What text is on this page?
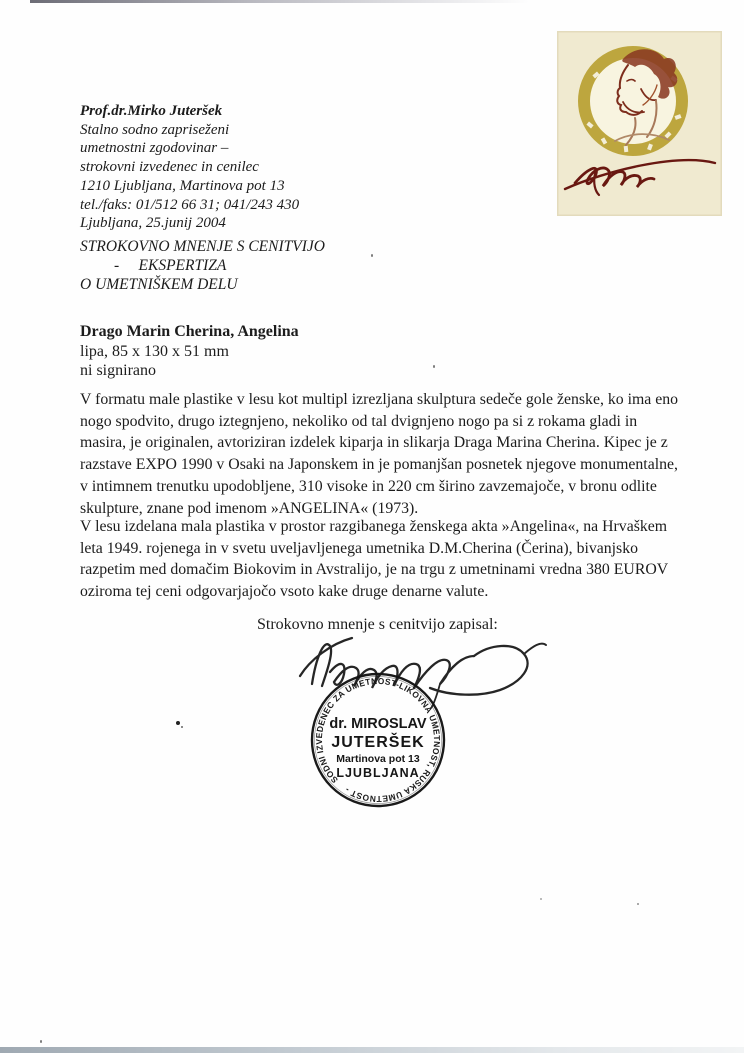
Prof.dr.Mirko Juteršek
Stalno sodno zapriseženi
umetnostni zgodovinar –
strokovni izvedenec in cenilec
1210 Ljubljana, Martinova pot 13
tel./faks: 01/512 66 31; 041/243 430
Ljubljana, 25.junij 2004
STROKOVNO MNENJE S CENITVIJO
-     EKSPERTIZA
O UMETNIŠKEM DELU
Drago Marin Cherina, Angelina
lipa, 85 x 130 x 51 mm
ni signirano

V formatu male plastike v lesu kot multipl izrezljana skulptura sedeče gole ženske, ko ima eno nogo spodvito, drugo iztegnjeno, nekoliko od tal dvignjeno nogo pa si z rokama gladi in masira, je originalen, avtoriziran izdelek kiparja in slikarja Draga Marina Cherina. Kipec je z razstave EXPO 1990 v Osaki na Japonskem in je pomanjšan posnetek njegove monumentalne, v intimnem trenutku upodobljene, 310 visoke in 220 cm širino zavzemajoče, v bronu odlite skulpture, znane pod imenom »ANGELINA« (1973).

V lesu izdelana mala plastika v prostor razgibanega ženskega akta »Angelina«, na Hrvaškem leta 1949. rojenega in v svetu uveljavljenega umetnika D.M.Cherina (Čerina), bivanjsko razpetim med domačim Biokovim in Avstralijo, je na trgu z umetninami vredna 380 EUROV oziroma tej ceni odgovarjajočo vsoto kake druge denarne valute.

Strokovno mnenje s cenitvijo zapisal:
SODNI IZVEDENEC ZA UMETNOST-LIKOVNA UMETNOST, RUSKA UMETNOST -
dr. MIROSLAV
JUTERŠEK
Martinova pot 13
LJUBLJANA
